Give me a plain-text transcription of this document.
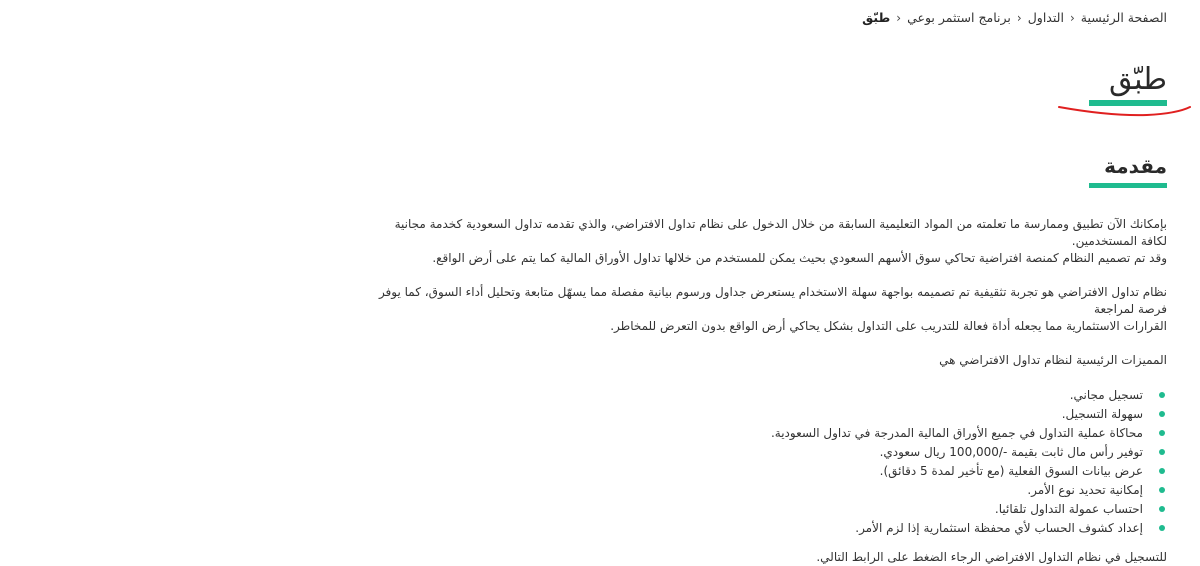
الصفحة الرئيسية
‹
التداول
‹
برنامج استثمر بوعي
‹
طبّق
طبّق
مقدمة

بإمكانك الآن تطبيق وممارسة ما تعلمته من المواد التعليمية السابقة من خلال الدخول على نظام تداول الافتراضي، والذي تقدمه تداول السعودية كخدمة مجانية لكافة المستخدمين.

وقد تم تصميم النظام كمنصة افتراضية تحاكي سوق الأسهم السعودي بحيث يمكن للمستخدم من خلالها تداول الأوراق المالية كما يتم على أرض الواقع.

نظام تداول الافتراضي هو تجربة تثقيفية تم تصميمه بواجهة سهلة الاستخدام يستعرض جداول ورسوم بيانية مفصلة مما يسهّل متابعة وتحليل أداء السوق، كما يوفر فرصة لمراجعة

القرارات الاستثمارية مما يجعله أداة فعالة للتدريب على التداول بشكل يحاكي أرض الواقع بدون التعرض للمخاطر.

المميزات الرئيسية لنظام تداول الافتراضي هي

تسجيل مجاني.
سهولة التسجيل.
محاكاة عملية التداول في جميع الأوراق المالية المدرجة في تداول السعودية.
توفير رأس مال ثابت بقيمة -/100,000 ريال سعودي.
عرض بيانات السوق الفعلية (مع تأخير لمدة 5 دقائق).
إمكانية تحديد نوع الأمر.
احتساب عمولة التداول تلقائيا.
إعداد كشوف الحساب لأي محفظة استثمارية إذا لزم الأمر.

للتسجيل في نظام التداول الافتراضي الرجاء الضغط على الرابط التالي.
